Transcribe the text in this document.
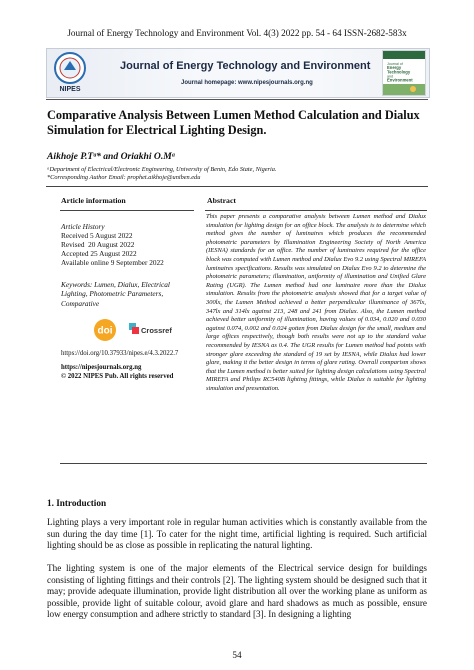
Journal of Energy Technology and Environment Vol. 4(3) 2022 pp. 54 - 64 ISSN-2682-583x
NIPES
Journal of Energy Technology and Environment
Journal homepage: www.nipesjournals.org.ng
Journal of
Energy
Technology
and
Environment
Comparative Analysis Between Lumen Method Calculation and Dialux Simulation for Electrical Lighting Design.
Aikhoje P.Tᵃ* and Oriakhi O.Mᵃ
ᵃDepartment of Electrical/Electronic Engineering, University of Benin, Edo State, Nigeria.
*Corresponding Author Email: prophet.aikhoje@uniben.edu
Article information	Abstract
Article History
Received 5 August 2022
Revised  20 August 2022
Accepted 25 August 2022
Available online 9 September 2022
Keywords: Lumen, Dialux, Electrical Lighting, Photometric Parameters, Comparative
doi	Crossref
https://doi.org/10.37933/nipes.e/4.3.2022.7
https://nipesjournals.org.ng
© 2022 NIPES Pub. All rights reserved
This paper presents a comparative analysis between Lumen method and Dialux simulation for lighting design for an office block. The analysis is to determine which method gives the number of luminaires which produces the recommended photometric parameters by Illumination Engineering Society of North America (IESNA) standards for an office. The number of luminaires required for the office block was computed with Lumen method and Dialux Evo 9.2 using Spectral MIREFA luminaires specifications. Results was simulated on Dialux Evo 9.2 to determine the photometric parameters; illumination, uniformity of illumination and Unified Glare Rating (UGR). The Lumen method had one luminaire more than the Dialux simulation. Results from the photometric analysis showed that for a target value of 300lx, the Lumen Method achieved a better perpendicular illuminance of 367lx, 347lx and 314lx against 213, 248 and 241 from Dialux. Also, the Lumen method achieved better uniformity of illumination, having values of 0.034, 0.020 and 0.030 against 0.074, 0.002 and 0.024 gotten from Dialux design for the small, medium and large offices respectively, though both results were not up to the standard value recommended by IESNA as 0.4. The UGR results for Lumen method had points with stronger glare exceeding the standard of 19 set by IESNA, while Dialux had lower glare, making it the better design in terms of glare rating. Overall comparism shows that the Lumen method is better suited for lighting design calculations using Spectral MIREFA and Philips RC540B lighting fittings, while Dialux is suitable for lighting simulation and presentation.
1. Introduction
Lighting plays a very important role in regular human activities which is constantly available from the sun during the day time [1]. To cater for the night time, artificial lighting is required. Such artificial lighting should be as close as possible in replicating the natural lighting.
The lighting system is one of the major elements of the Electrical service design for buildings consisting of lighting fittings and their controls [2]. The lighting system should be designed such that it may; provide adequate illumination, provide light distribution all over the working plane as uniform as possible, provide light of suitable colour, avoid glare and hard shadows as much as possible, ensure low energy consumption and adhere strictly to standard [3]. In designing a lighting
54
